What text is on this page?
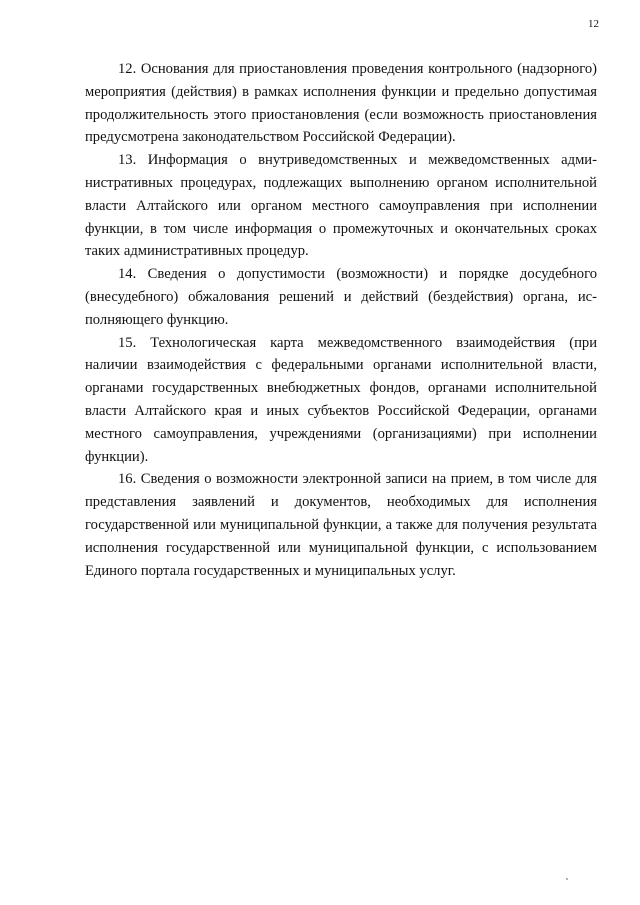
12

12. Основания для приостановления проведения контрольного (надзорного) мероприятия (действия) в рамках исполнения функции и предельно допустимая продолжительность этого приостановления (если возможность приостановления предусмотрена законодательством Российской Федерации).

13. Информация о внутриведомственных и межведомственных административных процедурах, подлежащих выполнению органом исполнительной власти Алтайского или органом местного самоуправления при исполнении функции, в том числе информация о промежуточных и окончательных сроках таких административных процедур.

14. Сведения о допустимости (возможности) и порядке досудебного (внесудебного) обжалования решений и действий (бездействия) органа, исполняющего функцию.

15. Технологическая карта межведомственного взаимодействия (при наличии взаимодействия с федеральными органами исполнительной власти, органами государственных внебюджетных фондов, органами исполнительной власти Алтайского края и иных субъектов Российской Федерации, органами местного самоуправления, учреждениями (организациями) при исполнении функции).

16. Сведения о возможности электронной записи на прием, в том числе для представления заявлений и документов, необходимых для исполнения государственной или муниципальной функции, а также для получения результата исполнения государственной или муниципальной функции, с использованием Единого портала государственных и муниципальных услуг.
